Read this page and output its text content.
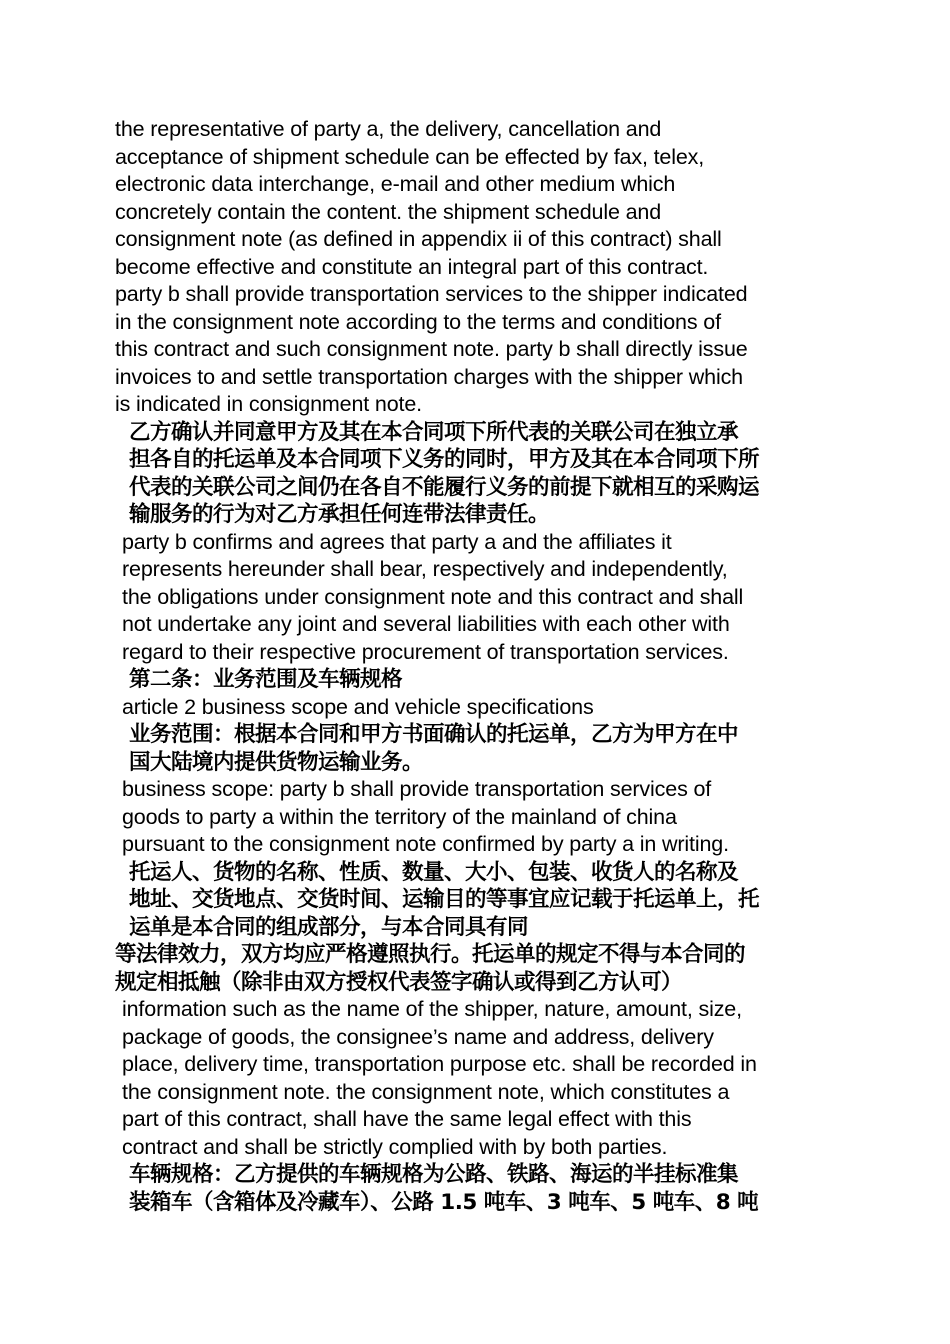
the representative of party a, the delivery, cancellation and
acceptance of shipment schedule can be effected by fax, telex,
electronic data interchange, e-mail and other medium which
concretely contain the content. the shipment schedule and
consignment note (as defined in appendix ii of this contract) shall
become effective and constitute an integral part of this contract.
party b shall provide transportation services to the shipper indicated
in the consignment note according to the terms and conditions of
this contract and such consignment note. party b shall directly issue
invoices to and settle transportation charges with the shipper which
is indicated in consignment note.
乙方确认并同意甲方及其在本合同项下所代表的关联公司在独立承
担各自的托运单及本合同项下义务的同时，甲方及其在本合同项下所
代表的关联公司之间仍在各自不能履行义务的前提下就相互的采购运
输服务的行为对乙方承担任何连带法律责任。
party b confirms and agrees that party a and the affiliates it
represents hereunder shall bear, respectively and independently,
the obligations under consignment note and this contract and shall
not undertake any joint and several liabilities with each other with
regard to their respective procurement of transportation services.
第二条：业务范围及车辆规格
article 2 business scope and vehicle specifications
业务范围：根据本合同和甲方书面确认的托运单，乙方为甲方在中
国大陆境内提供货物运输业务。
business scope: party b shall provide transportation services of
goods to party a within the territory of the mainland of china
pursuant to the consignment note confirmed by party a in writing.
托运人、货物的名称、性质、数量、大小、包装、收货人的名称及
地址、交货地点、交货时间、运输目的等事宜应记载于托运单上，托
运单是本合同的组成部分，与本合同具有同
等法律效力，双方均应严格遵照执行。托运单的规定不得与本合同的
规定相抵触（除非由双方授权代表签字确认或得到乙方认可）
information such as the name of the shipper, nature, amount, size,
package of goods, the consignee’s name and address, delivery
place, delivery time, transportation purpose etc. shall be recorded in
the consignment note. the consignment note, which constitutes a
part of this contract, shall have the same legal effect with this
contract and shall be strictly complied with by both parties.
车辆规格：乙方提供的车辆规格为公路、铁路、海运的半挂标准集
装箱车（含箱体及冷藏车）、公路 1.5 吨车、3 吨车、5 吨车、8 吨
